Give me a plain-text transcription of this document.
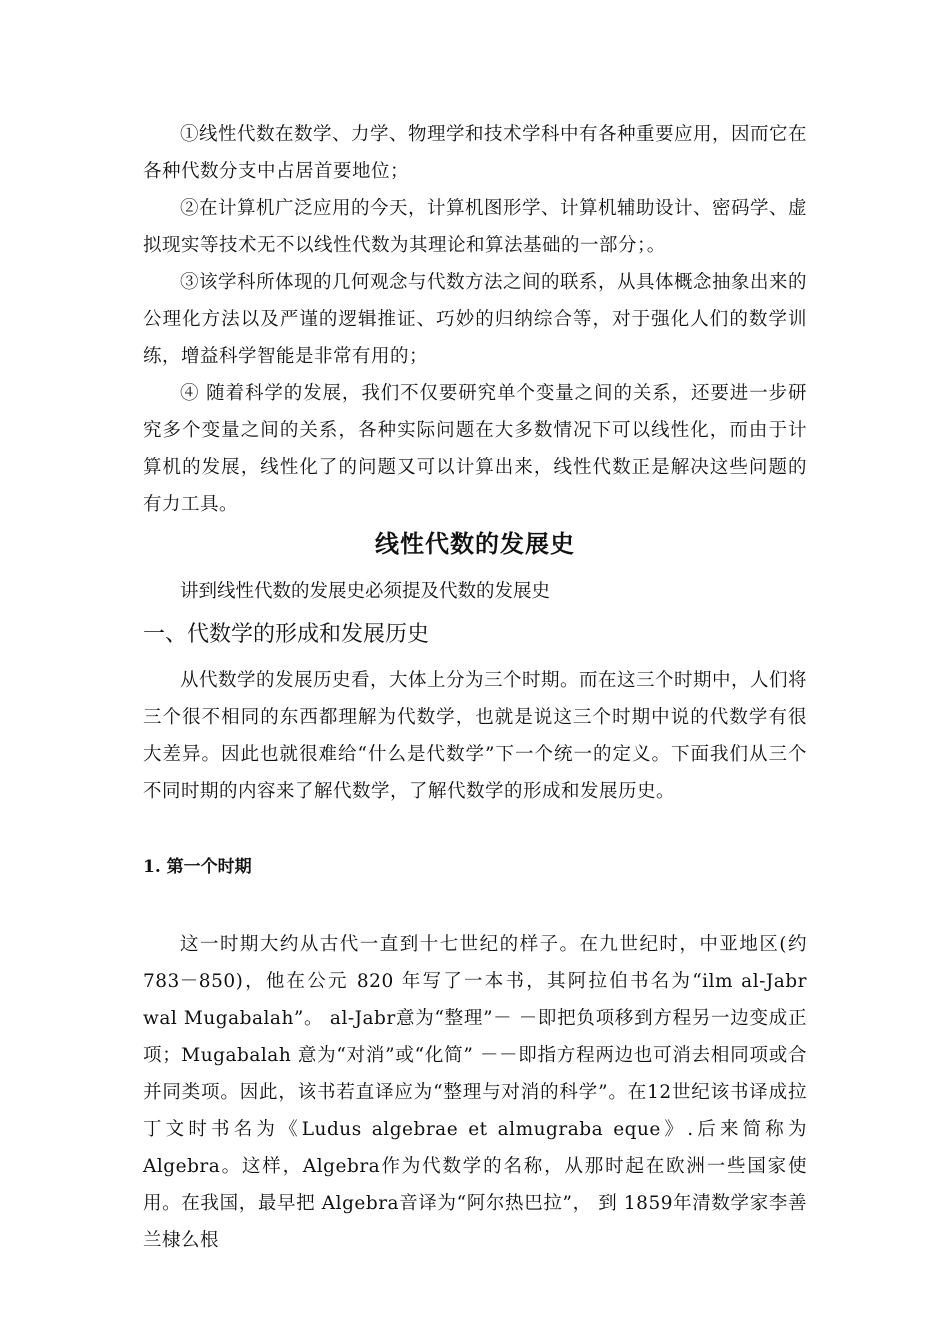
①线性代数在数学、力学、物理学和技术学科中有各种重要应用，因而它在各种代数分支中占居首要地位；

②在计算机广泛应用的今天，计算机图形学、计算机辅助设计、密码学、虚拟现实等技术无不以线性代数为其理论和算法基础的一部分；。

③该学科所体现的几何观念与代数方法之间的联系，从具体概念抽象出来的公理化方法以及严谨的逻辑推证、巧妙的归纳综合等，对于强化人们的数学训练，增益科学智能是非常有用的；

④ 随着科学的发展，我们不仅要研究单个变量之间的关系，还要进一步研究多个变量之间的关系，各种实际问题在大多数情况下可以线性化，而由于计算机的发展，线性化了的问题又可以计算出来，线性代数正是解决这些问题的有力工具。

线性代数的发展史

讲到线性代数的发展史必须提及代数的发展史

一、代数学的形成和发展历史

从代数学的发展历史看，大体上分为三个时期。而在这三个时期中，人们将三个很不相同的东西都理解为代数学，也就是说这三个时期中说的代数学有很大差异。因此也就很难给“什么是代数学”下一个统一的定义。下面我们从三个不同时期的内容来了解代数学，了解代数学的形成和发展历史。

1. 第一个时期

这一时期大约从古代一直到十七世纪的样子。在九世纪时，中亚地区(约783－850)，他在公元 820 年写了一本书，其阿拉伯书名为“ilm al-Jabr wal Mugabalah”。 al-Jabr意为“整理”－ －即把负项移到方程另一边变成正项；Mugabalah 意为“对消”或“化简” －－即指方程两边也可消去相同项或合并同类项。因此，该书若直译应为“整理与对消的科学”。在12世纪该书译成拉丁文时书名为《Ludus algebrae et almugraba eque》.后来简称为 Algebra。这样，Algebra作为代数学的名称，从那时起在欧洲一些国家使用。在我国，最早把 Algebra音译为“阿尔热巴拉”， 到 1859年清数学家李善兰棣么根
